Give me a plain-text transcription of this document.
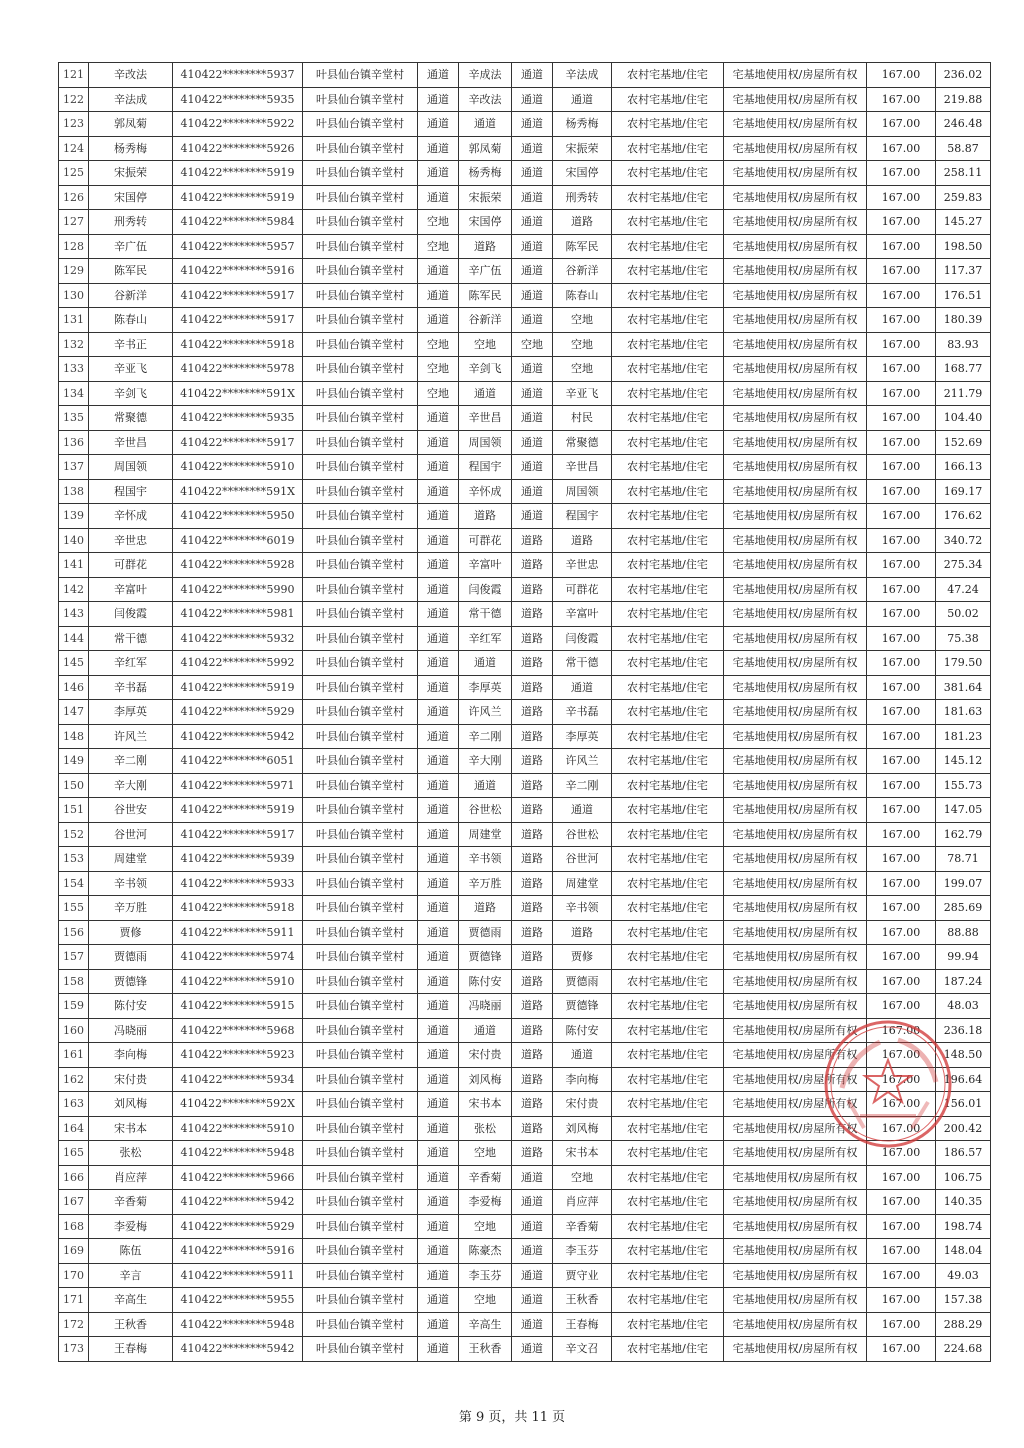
121	辛改法	410422********5937	叶县仙台镇辛堂村	通道	辛成法	通道	辛法成	农村宅基地/住宅	宅基地使用权/房屋所有权	167.00	236.02
122	辛法成	410422********5935	叶县仙台镇辛堂村	通道	辛改法	通道	通道	农村宅基地/住宅	宅基地使用权/房屋所有权	167.00	219.88
123	郭凤菊	410422********5922	叶县仙台镇辛堂村	通道	通道	通道	杨秀梅	农村宅基地/住宅	宅基地使用权/房屋所有权	167.00	246.48
124	杨秀梅	410422********5926	叶县仙台镇辛堂村	通道	郭凤菊	通道	宋振荣	农村宅基地/住宅	宅基地使用权/房屋所有权	167.00	58.87
125	宋振荣	410422********5919	叶县仙台镇辛堂村	通道	杨秀梅	通道	宋国停	农村宅基地/住宅	宅基地使用权/房屋所有权	167.00	258.11
126	宋国停	410422********5919	叶县仙台镇辛堂村	通道	宋振荣	通道	刑秀转	农村宅基地/住宅	宅基地使用权/房屋所有权	167.00	259.83
127	刑秀转	410422********5984	叶县仙台镇辛堂村	空地	宋国停	通道	道路	农村宅基地/住宅	宅基地使用权/房屋所有权	167.00	145.27
128	辛广伍	410422********5957	叶县仙台镇辛堂村	空地	道路	通道	陈军民	农村宅基地/住宅	宅基地使用权/房屋所有权	167.00	198.50
129	陈军民	410422********5916	叶县仙台镇辛堂村	通道	辛广伍	通道	谷新洋	农村宅基地/住宅	宅基地使用权/房屋所有权	167.00	117.37
130	谷新洋	410422********5917	叶县仙台镇辛堂村	通道	陈军民	通道	陈春山	农村宅基地/住宅	宅基地使用权/房屋所有权	167.00	176.51
131	陈春山	410422********5917	叶县仙台镇辛堂村	通道	谷新洋	通道	空地	农村宅基地/住宅	宅基地使用权/房屋所有权	167.00	180.39
132	辛书正	410422********5918	叶县仙台镇辛堂村	空地	空地	空地	空地	农村宅基地/住宅	宅基地使用权/房屋所有权	167.00	83.93
133	辛亚飞	410422********5978	叶县仙台镇辛堂村	空地	辛剑飞	通道	空地	农村宅基地/住宅	宅基地使用权/房屋所有权	167.00	168.77
134	辛剑飞	410422********591X	叶县仙台镇辛堂村	空地	通道	通道	辛亚飞	农村宅基地/住宅	宅基地使用权/房屋所有权	167.00	211.79
135	常聚德	410422********5935	叶县仙台镇辛堂村	通道	辛世昌	通道	村民	农村宅基地/住宅	宅基地使用权/房屋所有权	167.00	104.40
136	辛世昌	410422********5917	叶县仙台镇辛堂村	通道	周国领	通道	常聚德	农村宅基地/住宅	宅基地使用权/房屋所有权	167.00	152.69
137	周国领	410422********5910	叶县仙台镇辛堂村	通道	程国宇	通道	辛世昌	农村宅基地/住宅	宅基地使用权/房屋所有权	167.00	166.13
138	程国宇	410422********591X	叶县仙台镇辛堂村	通道	辛怀成	通道	周国领	农村宅基地/住宅	宅基地使用权/房屋所有权	167.00	169.17
139	辛怀成	410422********5950	叶县仙台镇辛堂村	通道	道路	通道	程国宇	农村宅基地/住宅	宅基地使用权/房屋所有权	167.00	176.62
140	辛世忠	410422********6019	叶县仙台镇辛堂村	通道	可群花	道路	道路	农村宅基地/住宅	宅基地使用权/房屋所有权	167.00	340.72
141	可群花	410422********5928	叶县仙台镇辛堂村	通道	辛富叶	道路	辛世忠	农村宅基地/住宅	宅基地使用权/房屋所有权	167.00	275.34
142	辛富叶	410422********5990	叶县仙台镇辛堂村	通道	闫俊霞	道路	可群花	农村宅基地/住宅	宅基地使用权/房屋所有权	167.00	47.24
143	闫俊霞	410422********5981	叶县仙台镇辛堂村	通道	常干德	道路	辛富叶	农村宅基地/住宅	宅基地使用权/房屋所有权	167.00	50.02
144	常干德	410422********5932	叶县仙台镇辛堂村	通道	辛红军	道路	闫俊霞	农村宅基地/住宅	宅基地使用权/房屋所有权	167.00	75.38
145	辛红军	410422********5992	叶县仙台镇辛堂村	通道	通道	道路	常干德	农村宅基地/住宅	宅基地使用权/房屋所有权	167.00	179.50
146	辛书磊	410422********5919	叶县仙台镇辛堂村	通道	李厚英	道路	通道	农村宅基地/住宅	宅基地使用权/房屋所有权	167.00	381.64
147	李厚英	410422********5929	叶县仙台镇辛堂村	通道	许风兰	道路	辛书磊	农村宅基地/住宅	宅基地使用权/房屋所有权	167.00	181.63
148	许风兰	410422********5942	叶县仙台镇辛堂村	通道	辛二刚	道路	李厚英	农村宅基地/住宅	宅基地使用权/房屋所有权	167.00	181.23
149	辛二刚	410422********6051	叶县仙台镇辛堂村	通道	辛大刚	道路	许风兰	农村宅基地/住宅	宅基地使用权/房屋所有权	167.00	145.12
150	辛大刚	410422********5971	叶县仙台镇辛堂村	通道	通道	道路	辛二刚	农村宅基地/住宅	宅基地使用权/房屋所有权	167.00	155.73
151	谷世安	410422********5919	叶县仙台镇辛堂村	通道	谷世松	道路	通道	农村宅基地/住宅	宅基地使用权/房屋所有权	167.00	147.05
152	谷世河	410422********5917	叶县仙台镇辛堂村	通道	周建堂	道路	谷世松	农村宅基地/住宅	宅基地使用权/房屋所有权	167.00	162.79
153	周建堂	410422********5939	叶县仙台镇辛堂村	通道	辛书领	道路	谷世河	农村宅基地/住宅	宅基地使用权/房屋所有权	167.00	78.71
154	辛书领	410422********5933	叶县仙台镇辛堂村	通道	辛万胜	道路	周建堂	农村宅基地/住宅	宅基地使用权/房屋所有权	167.00	199.07
155	辛万胜	410422********5918	叶县仙台镇辛堂村	通道	道路	道路	辛书领	农村宅基地/住宅	宅基地使用权/房屋所有权	167.00	285.69
156	贾修	410422********5911	叶县仙台镇辛堂村	通道	贾德雨	道路	道路	农村宅基地/住宅	宅基地使用权/房屋所有权	167.00	88.88
157	贾德雨	410422********5974	叶县仙台镇辛堂村	通道	贾德锋	道路	贾修	农村宅基地/住宅	宅基地使用权/房屋所有权	167.00	99.94
158	贾德锋	410422********5910	叶县仙台镇辛堂村	通道	陈付安	道路	贾德雨	农村宅基地/住宅	宅基地使用权/房屋所有权	167.00	187.24
159	陈付安	410422********5915	叶县仙台镇辛堂村	通道	冯晓丽	道路	贾德锋	农村宅基地/住宅	宅基地使用权/房屋所有权	167.00	48.03
160	冯晓丽	410422********5968	叶县仙台镇辛堂村	通道	通道	道路	陈付安	农村宅基地/住宅	宅基地使用权/房屋所有权	167.00	236.18
161	李向梅	410422********5923	叶县仙台镇辛堂村	通道	宋付贵	道路	通道	农村宅基地/住宅	宅基地使用权/房屋所有权	167.00	148.50
162	宋付贵	410422********5934	叶县仙台镇辛堂村	通道	刘风梅	道路	李向梅	农村宅基地/住宅	宅基地使用权/房屋所有权	167.00	196.64
163	刘风梅	410422********592X	叶县仙台镇辛堂村	通道	宋书本	道路	宋付贵	农村宅基地/住宅	宅基地使用权/房屋所有权	167.00	156.01
164	宋书本	410422********5910	叶县仙台镇辛堂村	通道	张松	道路	刘风梅	农村宅基地/住宅	宅基地使用权/房屋所有权	167.00	200.42
165	张松	410422********5948	叶县仙台镇辛堂村	通道	空地	道路	宋书本	农村宅基地/住宅	宅基地使用权/房屋所有权	167.00	186.57
166	肖应萍	410422********5966	叶县仙台镇辛堂村	通道	辛香菊	通道	空地	农村宅基地/住宅	宅基地使用权/房屋所有权	167.00	106.75
167	辛香菊	410422********5942	叶县仙台镇辛堂村	通道	李爱梅	通道	肖应萍	农村宅基地/住宅	宅基地使用权/房屋所有权	167.00	140.35
168	李爱梅	410422********5929	叶县仙台镇辛堂村	通道	空地	通道	辛香菊	农村宅基地/住宅	宅基地使用权/房屋所有权	167.00	198.74
169	陈伍	410422********5916	叶县仙台镇辛堂村	通道	陈豪杰	通道	李玉芬	农村宅基地/住宅	宅基地使用权/房屋所有权	167.00	148.04
170	辛言	410422********5911	叶县仙台镇辛堂村	通道	李玉芬	通道	贾守业	农村宅基地/住宅	宅基地使用权/房屋所有权	167.00	49.03
171	辛高生	410422********5955	叶县仙台镇辛堂村	通道	空地	通道	王秋香	农村宅基地/住宅	宅基地使用权/房屋所有权	167.00	157.38
172	王秋香	410422********5948	叶县仙台镇辛堂村	通道	辛高生	通道	王春梅	农村宅基地/住宅	宅基地使用权/房屋所有权	167.00	288.29
173	王春梅	410422********5942	叶县仙台镇辛堂村	通道	王秋香	通道	辛文召	农村宅基地/住宅	宅基地使用权/房屋所有权	167.00	224.68
第 9 页，共 11 页
